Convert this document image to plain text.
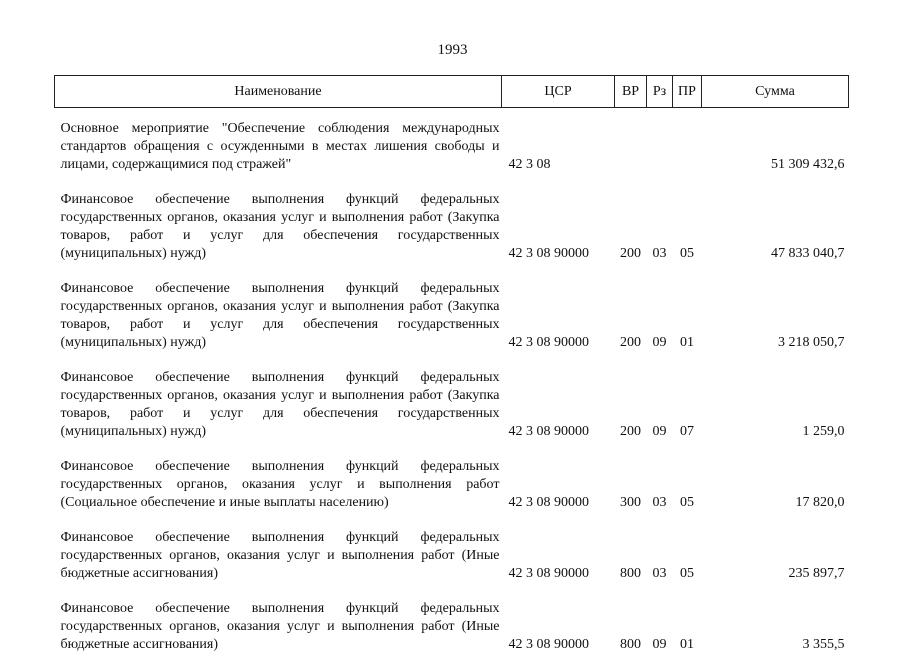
1993
Наименование	ЦСР	ВР	Рз	ПР	Сумма

Основное мероприятие "Обеспечение соблюдения международных стандартов обращения с осужденными в местах лишения свободы и лицами, содержащимися под стражей"	42 3 08				51 309 432,6

Финансовое обеспечение выполнения функций федеральных государственных органов, оказания услуг и выполнения работ (Закупка товаров, работ и услуг для обеспечения государственных (муниципальных) нужд)	42 3 08 90000	200	03	05	47 833 040,7

Финансовое обеспечение выполнения функций федеральных государственных органов, оказания услуг и выполнения работ (Закупка товаров, работ и услуг для обеспечения государственных (муниципальных) нужд)	42 3 08 90000	200	09	01	3 218 050,7

Финансовое обеспечение выполнения функций федеральных государственных органов, оказания услуг и выполнения работ (Закупка товаров, работ и услуг для обеспечения государственных (муниципальных) нужд)	42 3 08 90000	200	09	07	1 259,0

Финансовое обеспечение выполнения функций федеральных государственных органов, оказания услуг и выполнения работ (Социальное обеспечение и иные выплаты населению)	42 3 08 90000	300	03	05	17 820,0

Финансовое обеспечение выполнения функций федеральных государственных органов, оказания услуг и выполнения работ (Иные бюджетные ассигнования)	42 3 08 90000	800	03	05	235 897,7

Финансовое обеспечение выполнения функций федеральных государственных органов, оказания услуг и выполнения работ (Иные бюджетные ассигнования)	42 3 08 90000	800	09	01	3 355,5
